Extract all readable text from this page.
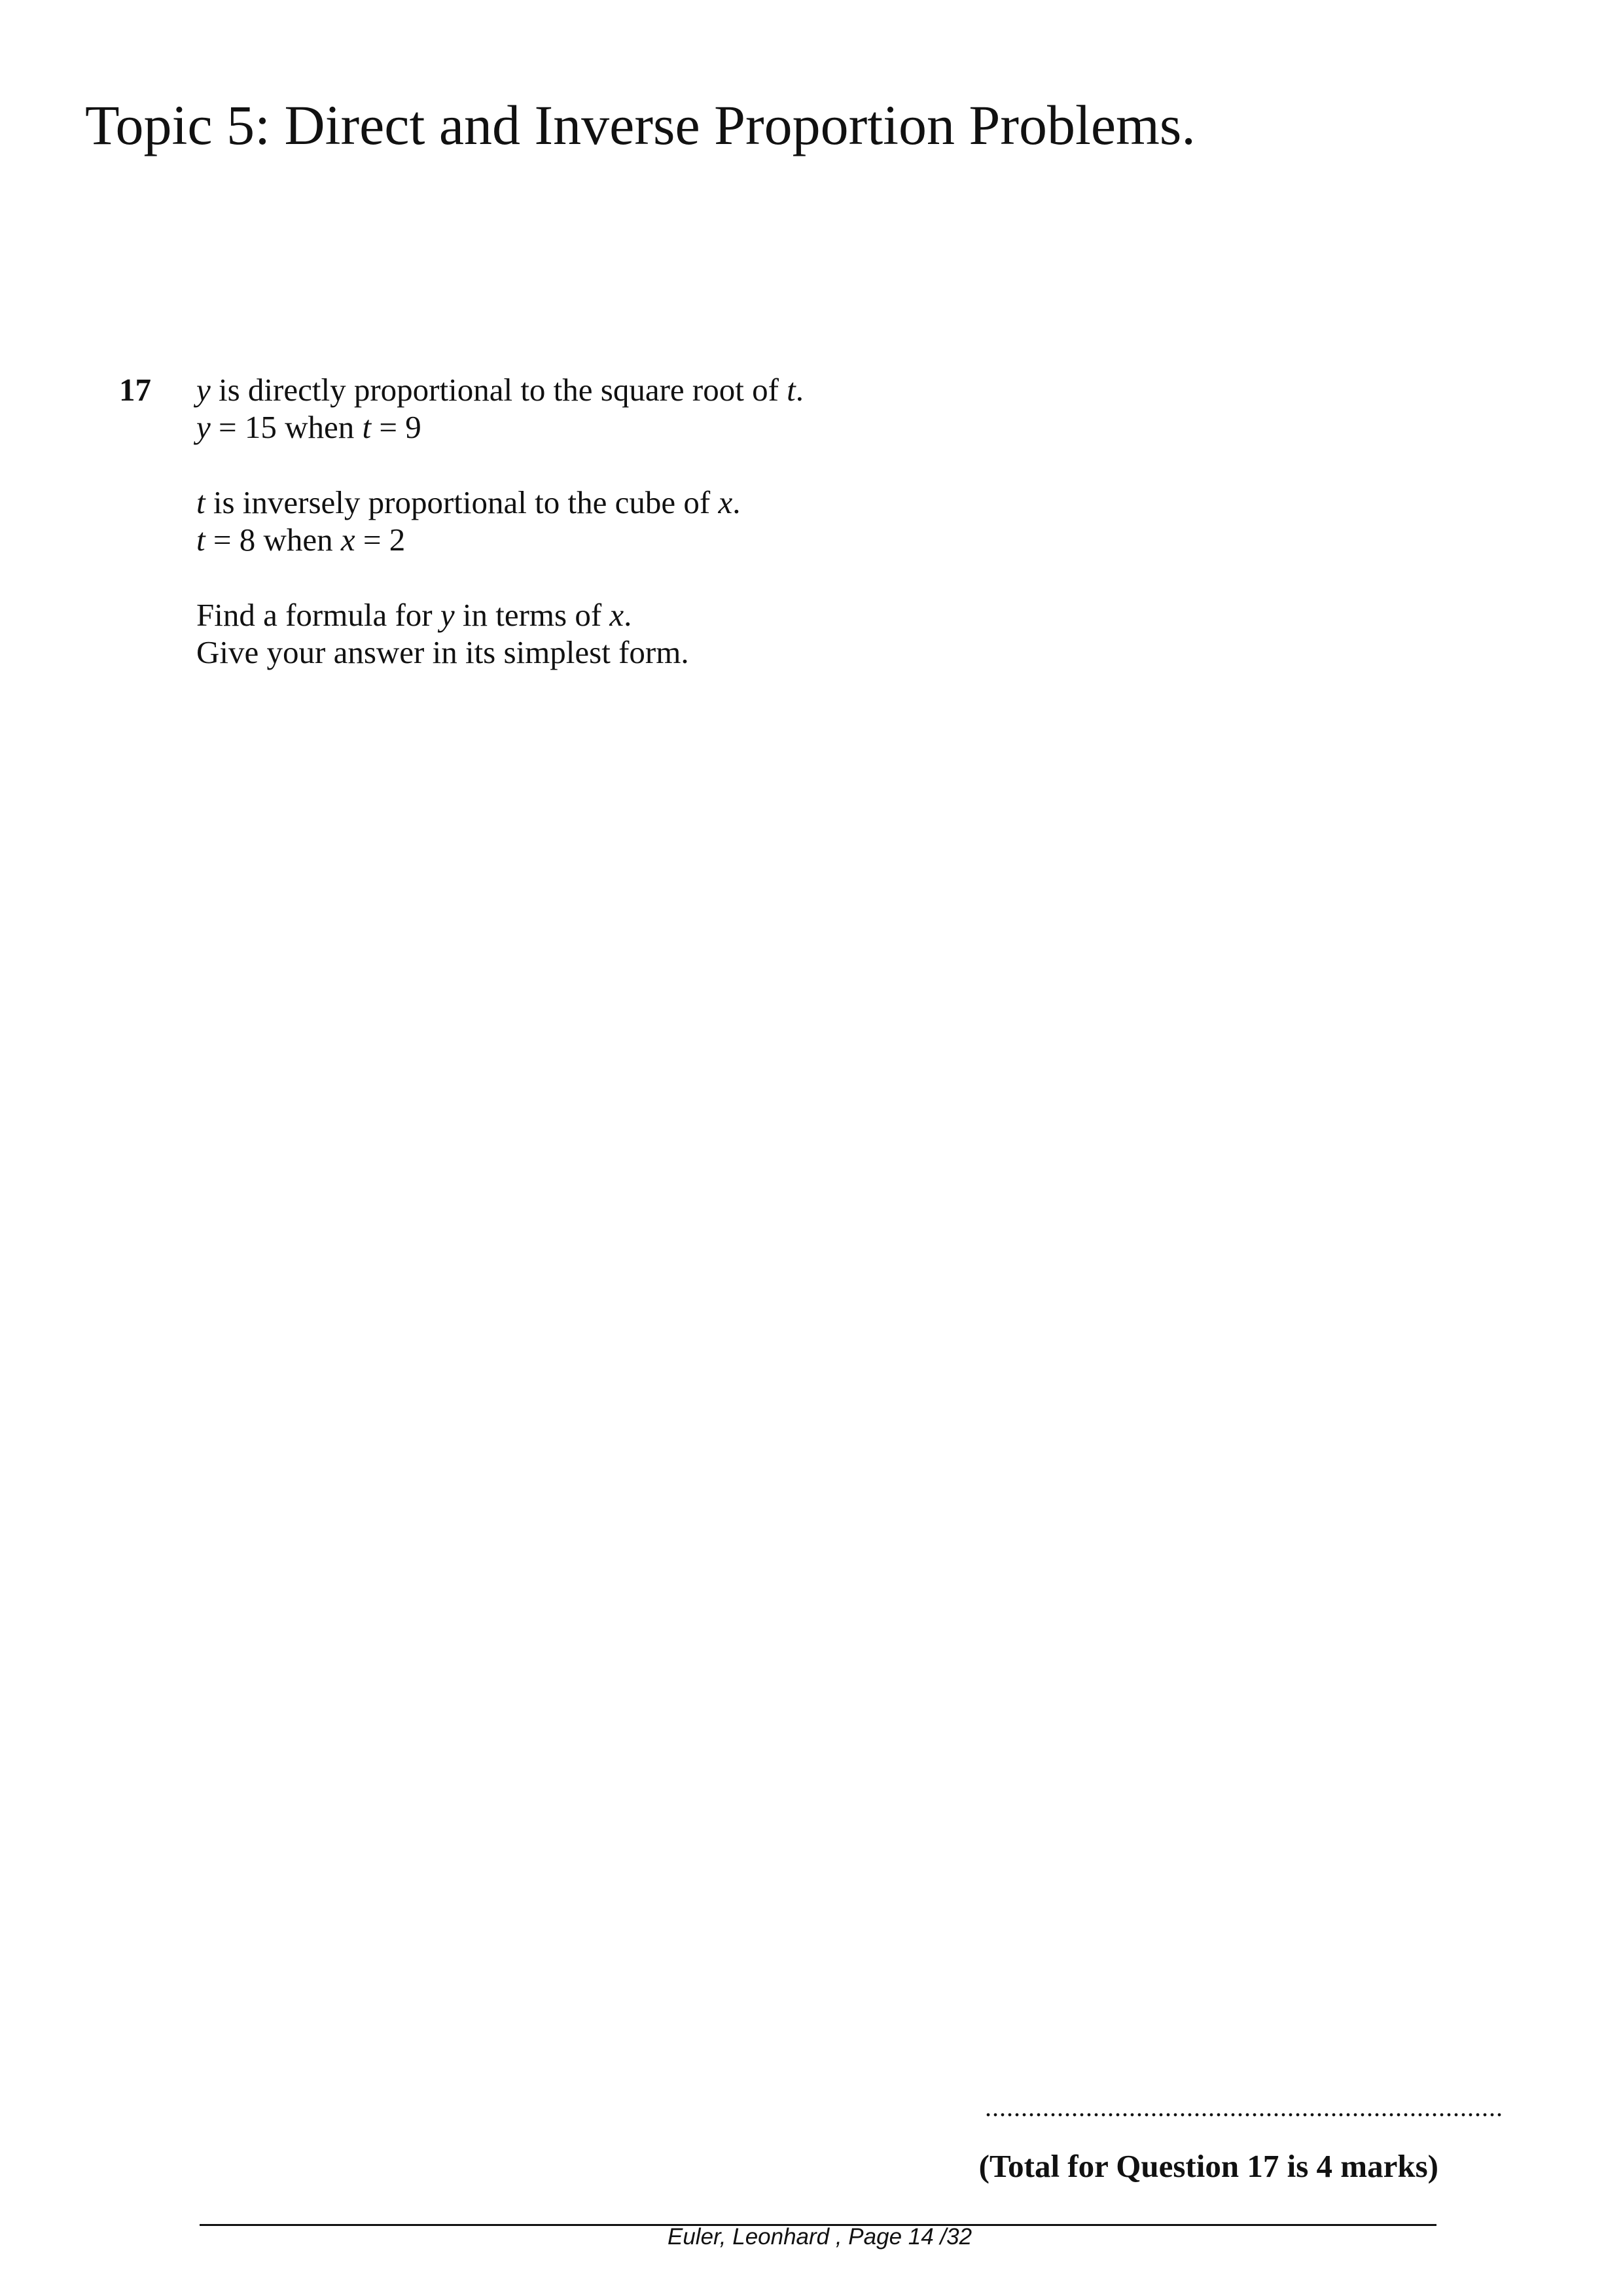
Topic 5: Direct and Inverse Proportion Problems.
17 y is directly proportional to the square root of t.
y = 15 when t = 9
t is inversely proportional to the cube of x.
t = 8 when x = 2
Find a formula for y in terms of x.
Give your answer in its simplest form.
........................................................................
(Total for Question 17 is 4 marks)
Euler, Leonhard , Page 14 /32
